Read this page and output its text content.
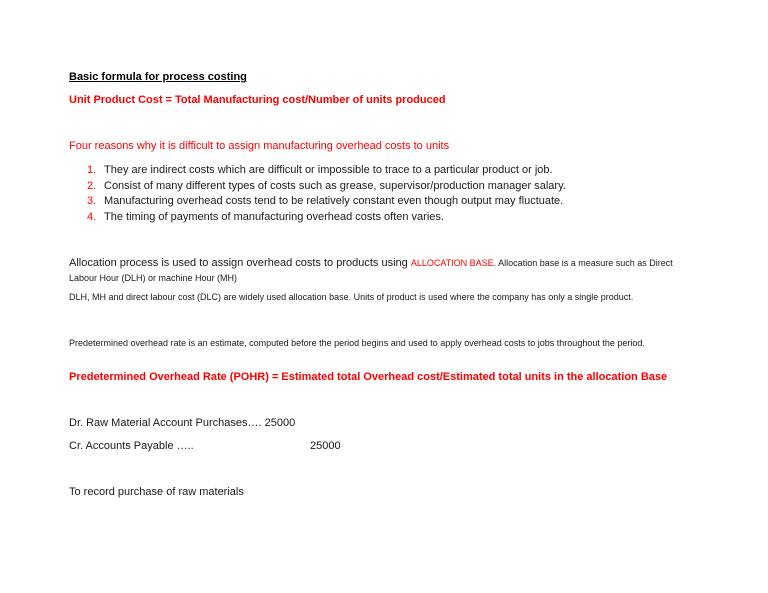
Basic formula for process costing
Unit Product Cost = Total Manufacturing cost/Number of units produced
Four reasons why it is difficult to assign manufacturing overhead costs to units
1. They are indirect costs which are difficult or impossible to trace to a particular product or job.
2. Consist of many different types of costs such as grease, supervisor/production manager salary.
3. Manufacturing overhead costs tend to be relatively constant even though output may fluctuate.
4. The timing of payments of manufacturing overhead costs often varies.
Allocation process is used to assign overhead costs to products using ALLOCATION BASE. Allocation base is a measure such as Direct Labour Hour (DLH) or machine Hour (MH)
DLH, MH and direct labour cost (DLC) are widely used allocation base. Units of product is used where the company has only a single product.
Predetermined overhead rate is an estimate, computed before the period begins and used to apply overhead costs to jobs throughout the period.
Predetermined Overhead Rate (POHR) = Estimated total Overhead cost/Estimated total units in the allocation Base
Dr. Raw Material Account Purchases…. 25000
Cr. Accounts Payable …..	25000
To record purchase of raw materials
